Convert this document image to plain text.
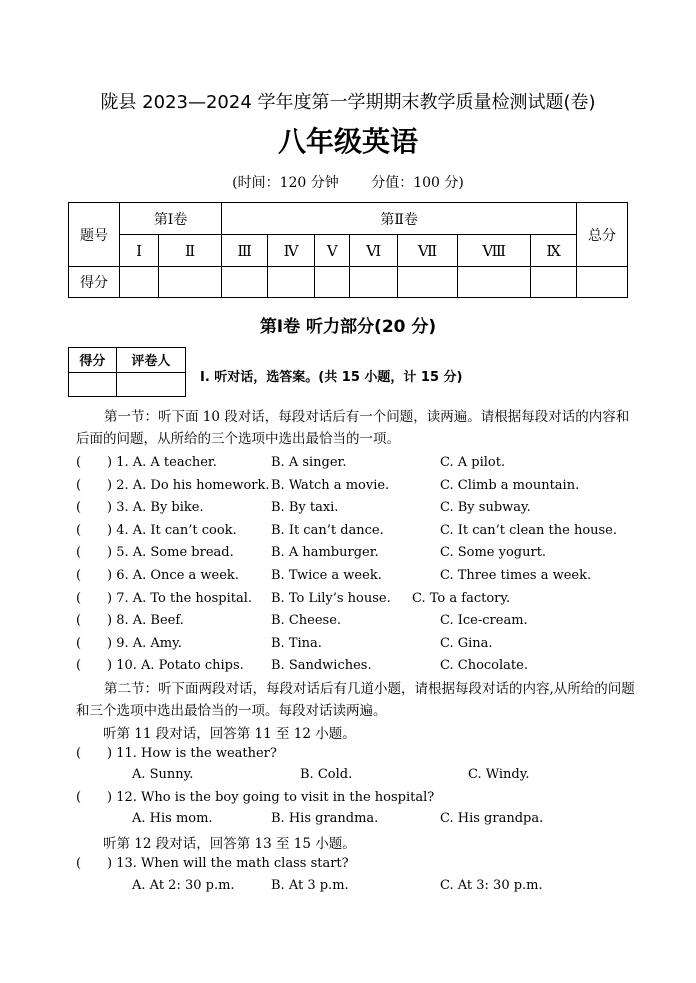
陇县 2023—2024 学年度第一学期期末教学质量检测试题(卷)
八年级英语
(时间：120 分钟 分值：100 分)
题号	第Ⅰ卷		第Ⅱ卷							总分
	Ⅰ	Ⅱ	Ⅲ	Ⅳ	Ⅴ	Ⅵ	Ⅶ	Ⅷ	Ⅸ	
得分										
第Ⅰ卷 听力部分(20 分)
得分	评卷人

Ⅰ. 听对话，选答案。(共 15 小题，计 15 分)
第一节：听下面 10 段对话，每段对话后有一个问题，读两遍。请根据每段对话的内容和后面的问题，从所给的三个选项中选出最恰当的一项。
( ) 1. A. A teacher.	B. A singer.	C. A pilot.
( ) 2. A. Do his homework. B. Watch a movie.	C. Climb a mountain.
( ) 3. A. By bike.	B. By taxi.	C. By subway.
( ) 4. A. It can’t cook.	B. It can’t dance.	C. It can’t clean the house.
( ) 5. A. Some bread.	B. A hamburger.	C. Some yogurt.
( ) 6. A. Once a week. B. Twice a week.	C. Three times a week.
( ) 7. A. To the hospital. B. To Lily’s house. C. To a factory.
( ) 8. A. Beef.	B. Cheese.	C. Ice-cream.
( ) 9. A. Amy.	B. Tina.	C. Gina.
( ) 10. A. Potato chips. B. Sandwiches.	C. Chocolate.
第二节：听下面两段对话，每段对话后有几道小题，请根据每段对话的内容,从所给的问题和三个选项中选出最恰当的一项。每段对话读两遍。
听第 11 段对话，回答第 11 至 12 小题。
( ) 11. How is the weather?
A. Sunny.	B. Cold.	C. Windy.
( ) 12. Who is the boy going to visit in the hospital?
A. His mom.	B. His grandma.	C. His grandpa.
听第 12 段对话，回答第 13 至 15 小题。
( ) 13. When will the math class start?
A. At 2: 30 p.m.	B. At 3 p.m.	C. At 3: 30 p.m.
